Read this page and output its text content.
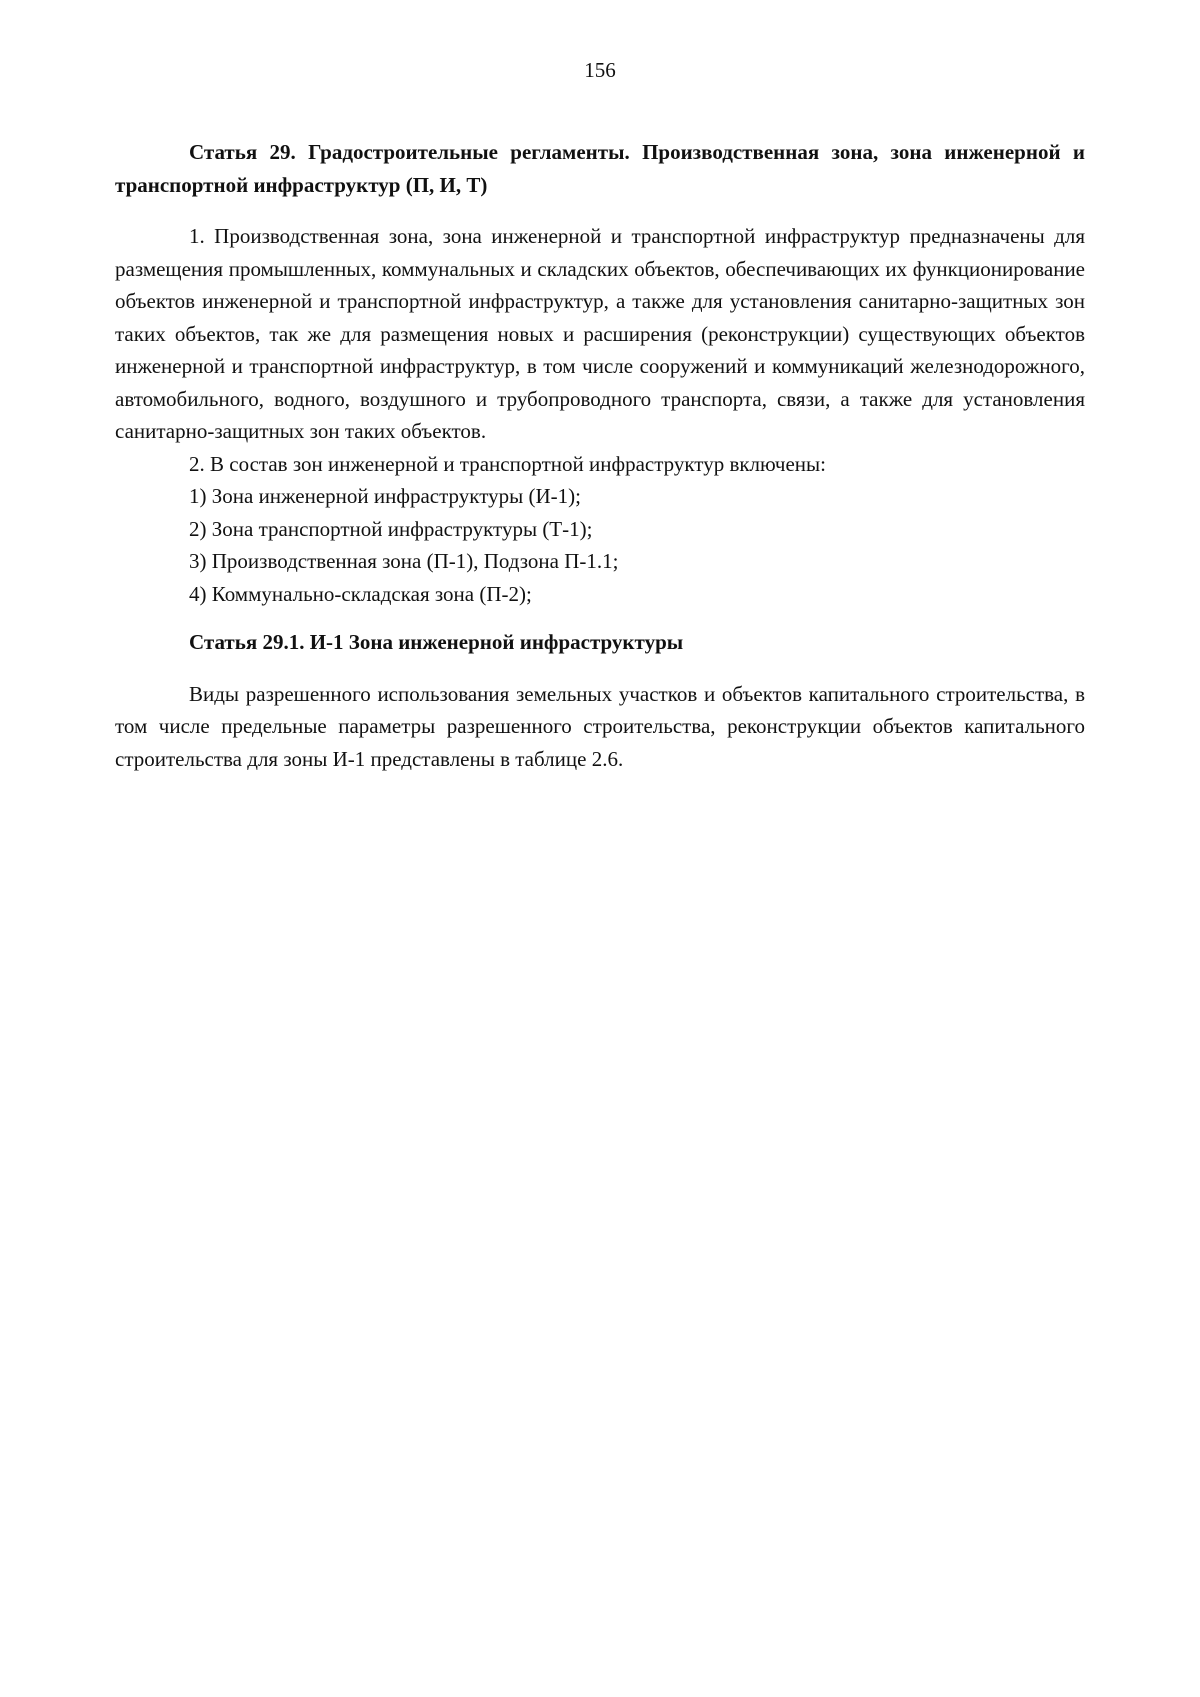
156

Статья 29. Градостроительные регламенты. Производственная зона, зона инженерной и транспортной инфраструктур (П, И, Т)

1. Производственная зона, зона инженерной и транспортной инфраструктур предназначены для размещения промышленных, коммунальных и складских объектов, обеспечивающих их функционирование объектов инженерной и транспортной инфраструктур, а также для установления санитарно-защитных зон таких объектов, так же для размещения новых и расширения (реконструкции) существующих объектов инженерной и транспортной инфраструктур, в том числе сооружений и коммуникаций железнодорожного, автомобильного, водного, воздушного и трубопроводного транспорта, связи, а также для установления санитарно-защитных зон таких объектов.

2. В состав зон инженерной и транспортной инфраструктур включены:

1) Зона инженерной инфраструктуры (И-1);

2) Зона транспортной инфраструктуры (Т-1);

3) Производственная зона (П-1), Подзона П-1.1;

4) Коммунально-складская зона (П-2);

Статья 29.1. И-1 Зона инженерной инфраструктуры

Виды разрешенного использования земельных участков и объектов капитального строительства, в том числе предельные параметры разрешенного строительства, реконструкции объектов капитального строительства для зоны И-1 представлены в таблице 2.6.
